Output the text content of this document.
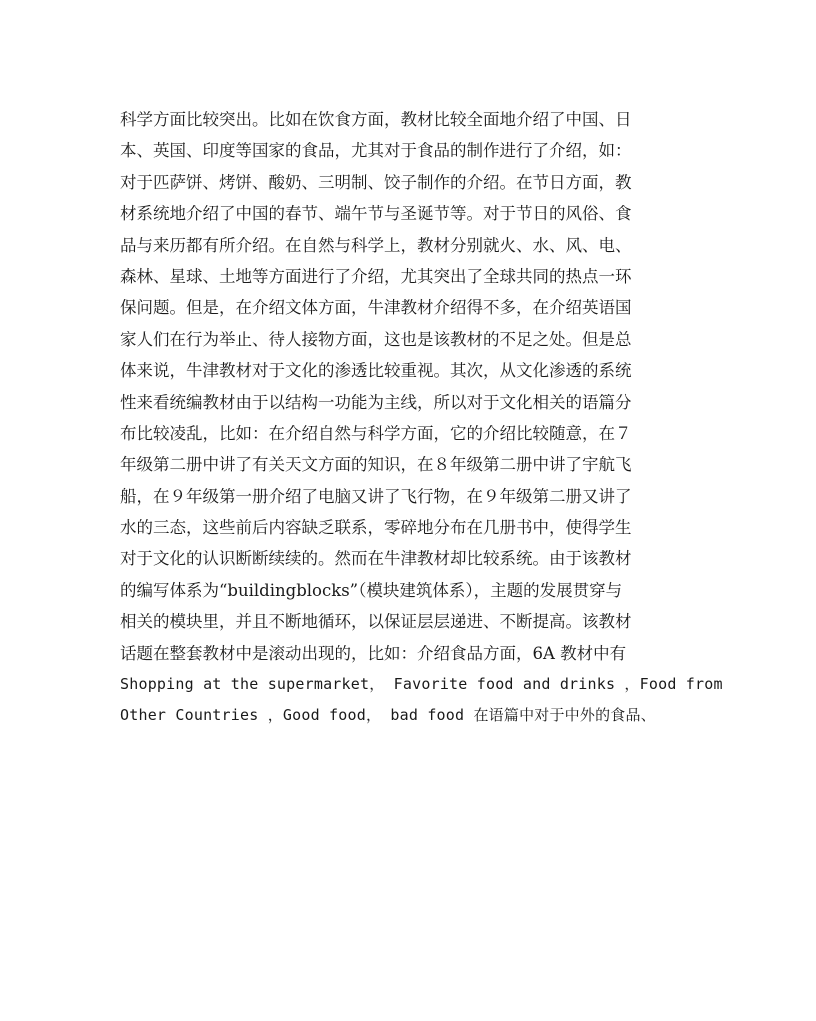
科学方面比较突出。比如在饮食方面，教材比较全面地介绍了中国、日
本、英国、印度等国家的食品，尤其对于食品的制作进行了介绍，如：
对于匹萨饼、烤饼、酸奶、三明制、饺子制作的介绍。在节日方面，教
材系统地介绍了中国的春节、端午节与圣诞节等。对于节日的风俗、食
品与来历都有所介绍。在自然与科学上，教材分别就火、水、风、电、
森林、星球、土地等方面进行了介绍，尤其突出了全球共同的热点一环
保问题。但是，在介绍文体方面，牛津教材介绍得不多，在介绍英语国
家人们在行为举止、待人接物方面，这也是该教材的不足之处。但是总
体来说，牛津教材对于文化的渗透比较重视。其次，从文化渗透的系统
性来看统编教材由于以结构一功能为主线，所以对于文化相关的语篇分
布比较凌乱，比如：在介绍自然与科学方面，它的介绍比较随意，在７
年级第二册中讲了有关天文方面的知识，在８年级第二册中讲了宇航飞
船，在９年级第一册介绍了电脑又讲了飞行物，在９年级第二册又讲了
水的三态，这些前后内容缺乏联系，零碎地分布在几册书中，使得学生
对于文化的认识断断续续的。然而在牛津教材却比较系统。由于该教材
的编写体系为“buildingblocks”（模块建筑体系），主题的发展贯穿与
相关的模块里，并且不断地循环，以保证层层递进、不断提高。该教材
话题在整套教材中是滚动出现的，比如：介绍食品方面，6A 教材中有
Shopping at the supermarket， Favorite food and drinks ，Food from
Other Countries ，Good food， bad food 在语篇中对于中外的食品、
